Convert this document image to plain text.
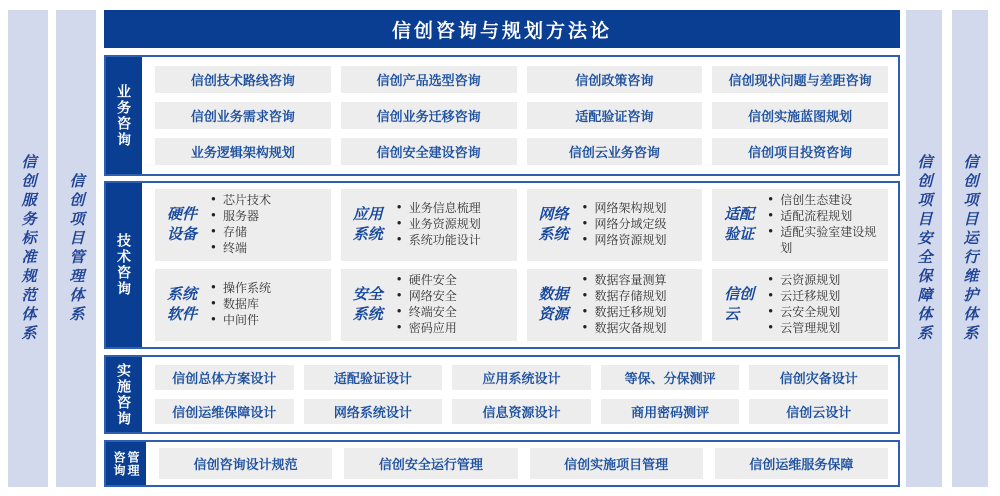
信创服务标准规范体系 信创项目管理体系	信创项目安全保障体系 信创项目运行维护体系
信创咨询与规划方法论
业务咨询
信创技术路线咨询	信创产品选型咨询	信创政策咨询	信创现状问题与差距咨询
信创业务需求咨询	信创业务迁移咨询	适配验证咨询	信创实施蓝图规划
业务逻辑架构规划	信创安全建设咨询	信创云业务咨询	信创项目投资咨询
技术咨询
硬件设备
● 芯片技术
● 服务器
● 存储
● 终端
应用系统
● 业务信息梳理
● 业务资源规划
● 系统功能设计
网络系统
● 网络架构规划
● 网络分域定级
● 网络资源规划
适配验证
● 信创生态建设
● 适配流程规划
● 适配实验室建设规划
系统软件
● 操作系统
● 数据库
● 中间件
安全系统
● 硬件安全
● 网络安全
● 终端安全
● 密码应用
数据资源
● 数据容量测算
● 数据存储规划
● 数据迁移规划
● 数据灾备规划
信创云
● 云资源规划
● 云迁移规划
● 云安全规划
● 云管理规划
实施咨询	信创总体方案设计	适配验证设计	应用系统设计	等保、分保测评	信创灾备设计
信创运维保障设计	网络系统设计	信息资源设计	商用密码测评	信创云设计
咨询 管理	信创咨询设计规范	信创安全运行管理	信创实施项目管理	信创运维服务保障
